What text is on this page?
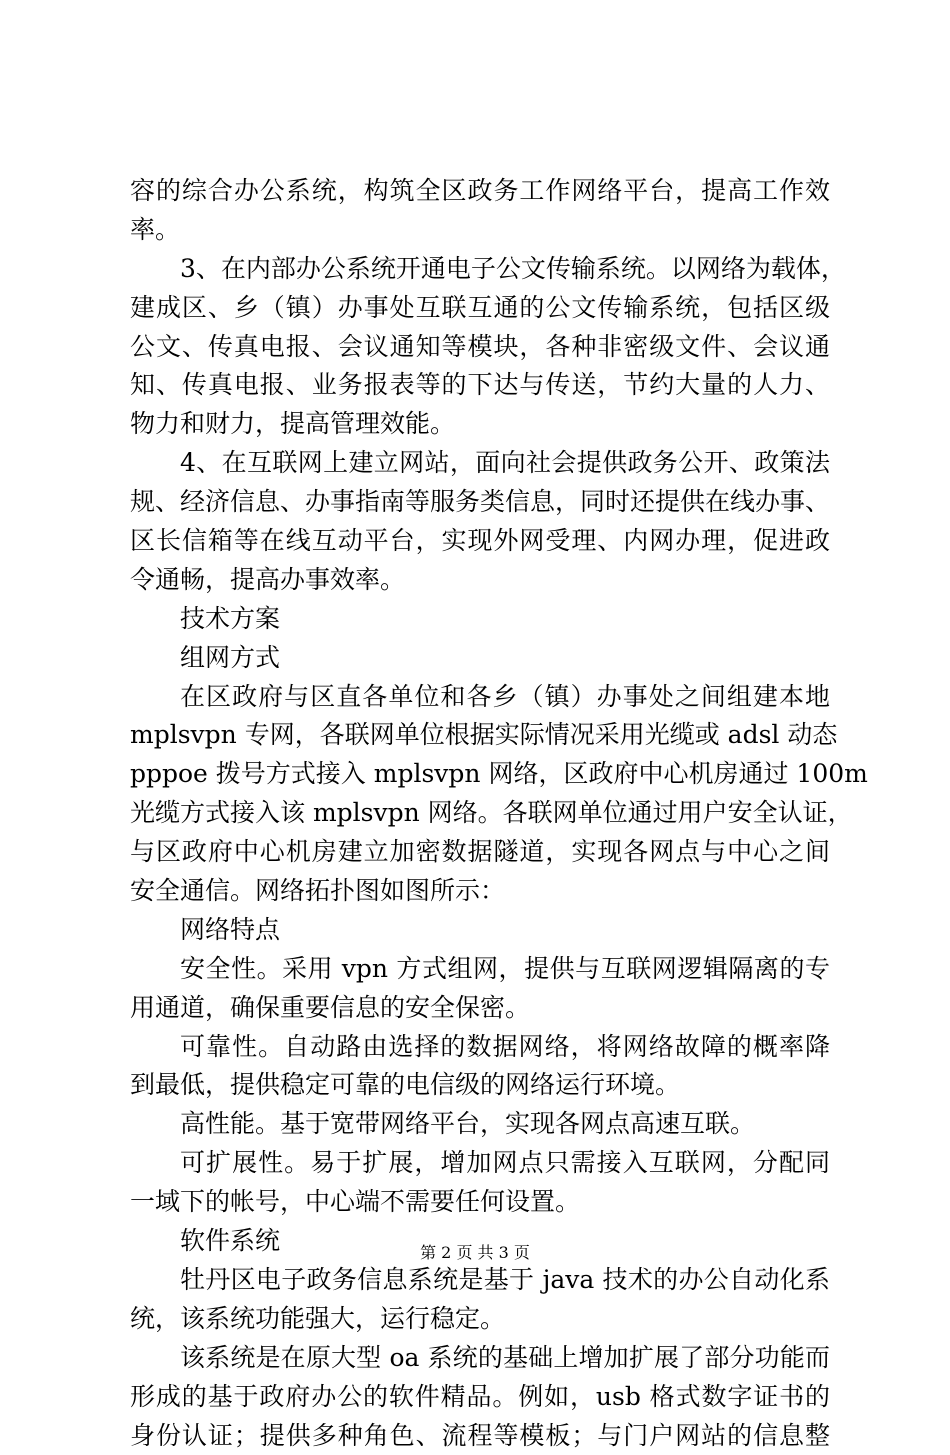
容的综合办公系统，构筑全区政务工作网络平台，提高工作效
率。
3、在内部办公系统开通电子公文传输系统。以网络为载体，
建成区、乡（镇）办事处互联互通的公文传输系统，包括区级
公文、传真电报、会议通知等模块，各种非密级文件、会议通
知、传真电报、业务报表等的下达与传送，节约大量的人力、
物力和财力，提高管理效能。
4、在互联网上建立网站，面向社会提供政务公开、政策法
规、经济信息、办事指南等服务类信息，同时还提供在线办事、
区长信箱等在线互动平台，实现外网受理、内网办理，促进政
令通畅，提高办事效率。
技术方案
组网方式
在区政府与区直各单位和各乡（镇）办事处之间组建本地
mplsvpn 专网，各联网单位根据实际情况采用光缆或 adsl 动态
pppoe 拨号方式接入 mplsvpn 网络，区政府中心机房通过 100m
光缆方式接入该 mplsvpn 网络。各联网单位通过用户安全认证，
与区政府中心机房建立加密数据隧道，实现各网点与中心之间
安全通信。网络拓扑图如图所示：
网络特点
安全性。采用 vpn 方式组网，提供与互联网逻辑隔离的专
用通道，确保重要信息的安全保密。
可靠性。自动路由选择的数据网络，将网络故障的概率降
到最低，提供稳定可靠的电信级的网络运行环境。
高性能。基于宽带网络平台，实现各网点高速互联。
可扩展性。易于扩展，增加网点只需接入互联网，分配同
一域下的帐号，中心端不需要任何设置。
软件系统
牡丹区电子政务信息系统是基于 java 技术的办公自动化系
统，该系统功能强大，运行稳定。
该系统是在原大型 oa 系统的基础上增加扩展了部分功能而
形成的基于政府办公的软件精品。例如，usb 格式数字证书的
身份认证；提供多种角色、流程等模板；与门户网站的信息整
第 2 页 共 3 页
